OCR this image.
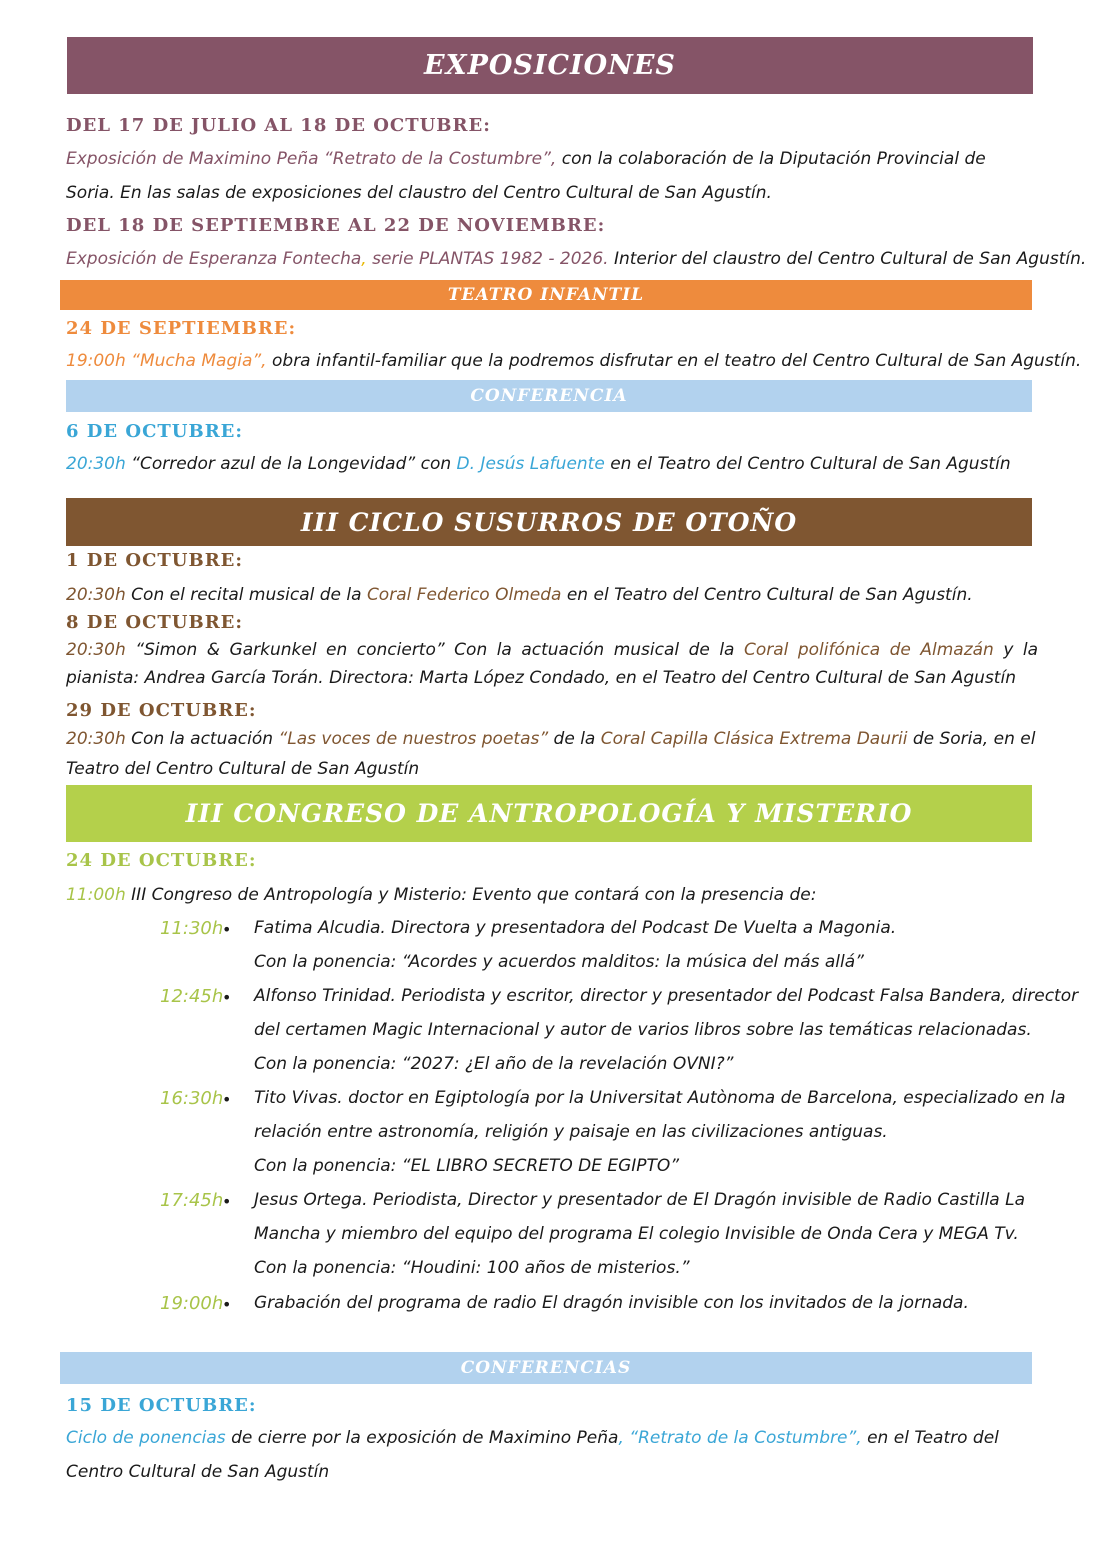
EXPOSICIONES
DEL 17 DE JULIO AL 18 DE OCTUBRE:
Exposición de Maximino Peña “Retrato de la Costumbre”, con la colaboración de la Diputación Provincial de Soria. En las salas de exposiciones del claustro del Centro Cultural de San Agustín.
DEL 18 DE SEPTIEMBRE AL 22 DE NOVIEMBRE:
Exposición de Esperanza Fontecha, serie PLANTAS 1982 - 2026. Interior del claustro del Centro Cultural de San Agustín.
TEATRO INFANTIL
24 DE SEPTIEMBRE:
19:00h “Mucha Magia”, obra infantil-familiar que la podremos disfrutar en el teatro del Centro Cultural de San Agustín.
CONFERENCIA
6 DE OCTUBRE:
20:30h “Corredor azul de la Longevidad” con D. Jesús Lafuente en el Teatro del Centro Cultural de San Agustín
III CICLO SUSURROS DE OTOÑO
1 DE OCTUBRE:
20:30h Con el recital musical de la Coral Federico Olmeda en el Teatro del Centro Cultural de San Agustín.
8 DE OCTUBRE:
20:30h “Simon & Garkunkel en concierto” Con la actuación musical de la Coral polifónica de Almazán y la pianista: Andrea García Torán. Directora: Marta López Condado, en el Teatro del Centro Cultural de San Agustín
29 DE OCTUBRE:
20:30h Con la actuación “Las voces de nuestros poetas” de la Coral Capilla Clásica Extrema Daurii de Soria, en el Teatro del Centro Cultural de San Agustín
III CONGRESO DE ANTROPOLOGÍA Y MISTERIO
24 DE OCTUBRE:
11:00h III Congreso de Antropología y Misterio: Evento que contará con la presencia de:
11:30h
• Fatima Alcudia. Directora y presentadora del Podcast De Vuelta a Magonia.
Con la ponencia: “Acordes y acuerdos malditos: la música del más allá”
12:45h
• Alfonso Trinidad. Periodista y escritor, director y presentador del Podcast Falsa Bandera, director
del certamen Magic Internacional y autor de varios libros sobre las temáticas relacionadas.
Con la ponencia: “2027: ¿El año de la revelación OVNI?”
16:30h
• Tito Vivas. doctor en Egiptología por la Universitat Autònoma de Barcelona, especializado en la
relación entre astronomía, religión y paisaje en las civilizaciones antiguas.
Con la ponencia: “EL LIBRO SECRETO DE EGIPTO”
17:45h
• Jesus Ortega. Periodista, Director y presentador de El Dragón invisible de Radio Castilla La
Mancha y miembro del equipo del programa El colegio Invisible de Onda Cera y MEGA Tv.
Con la ponencia: “Houdini: 100 años de misterios.”
19:00h
• Grabación del programa de radio El dragón invisible con los invitados de la jornada.
CONFERENCIAS
15 DE OCTUBRE:
Ciclo de ponencias de cierre por la exposición de Maximino Peña, “Retrato de la Costumbre”, en el Teatro del Centro Cultural de San Agustín
